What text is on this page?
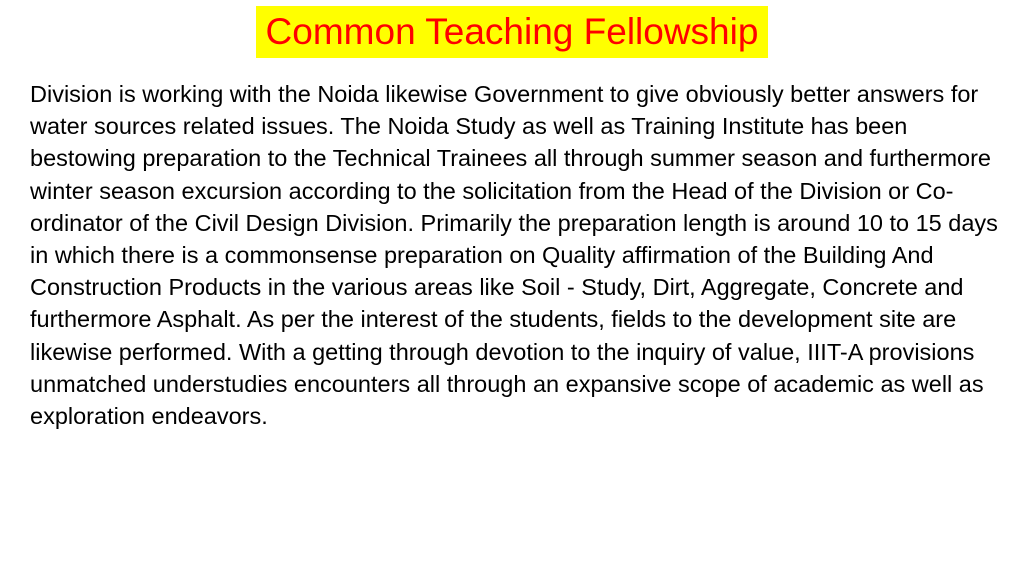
Common Teaching Fellowship

Division is working with the Noida likewise Government to give obviously better answers for water sources related issues. The Noida Study as well as Training Institute has been bestowing preparation to the Technical Trainees all through summer season and furthermore winter season excursion according to the solicitation from the Head of the Division or Co-ordinator of the Civil Design Division. Primarily the preparation length is around 10 to 15 days in which there is a commonsense preparation on Quality affirmation of the Building And Construction Products in the various areas like Soil - Study, Dirt, Aggregate, Concrete and furthermore Asphalt. As per the interest of the students, fields to the development site are likewise performed. With a getting through devotion to the inquiry of value, IIIT-A provisions unmatched understudies encounters all through an expansive scope of academic as well as exploration endeavors.
